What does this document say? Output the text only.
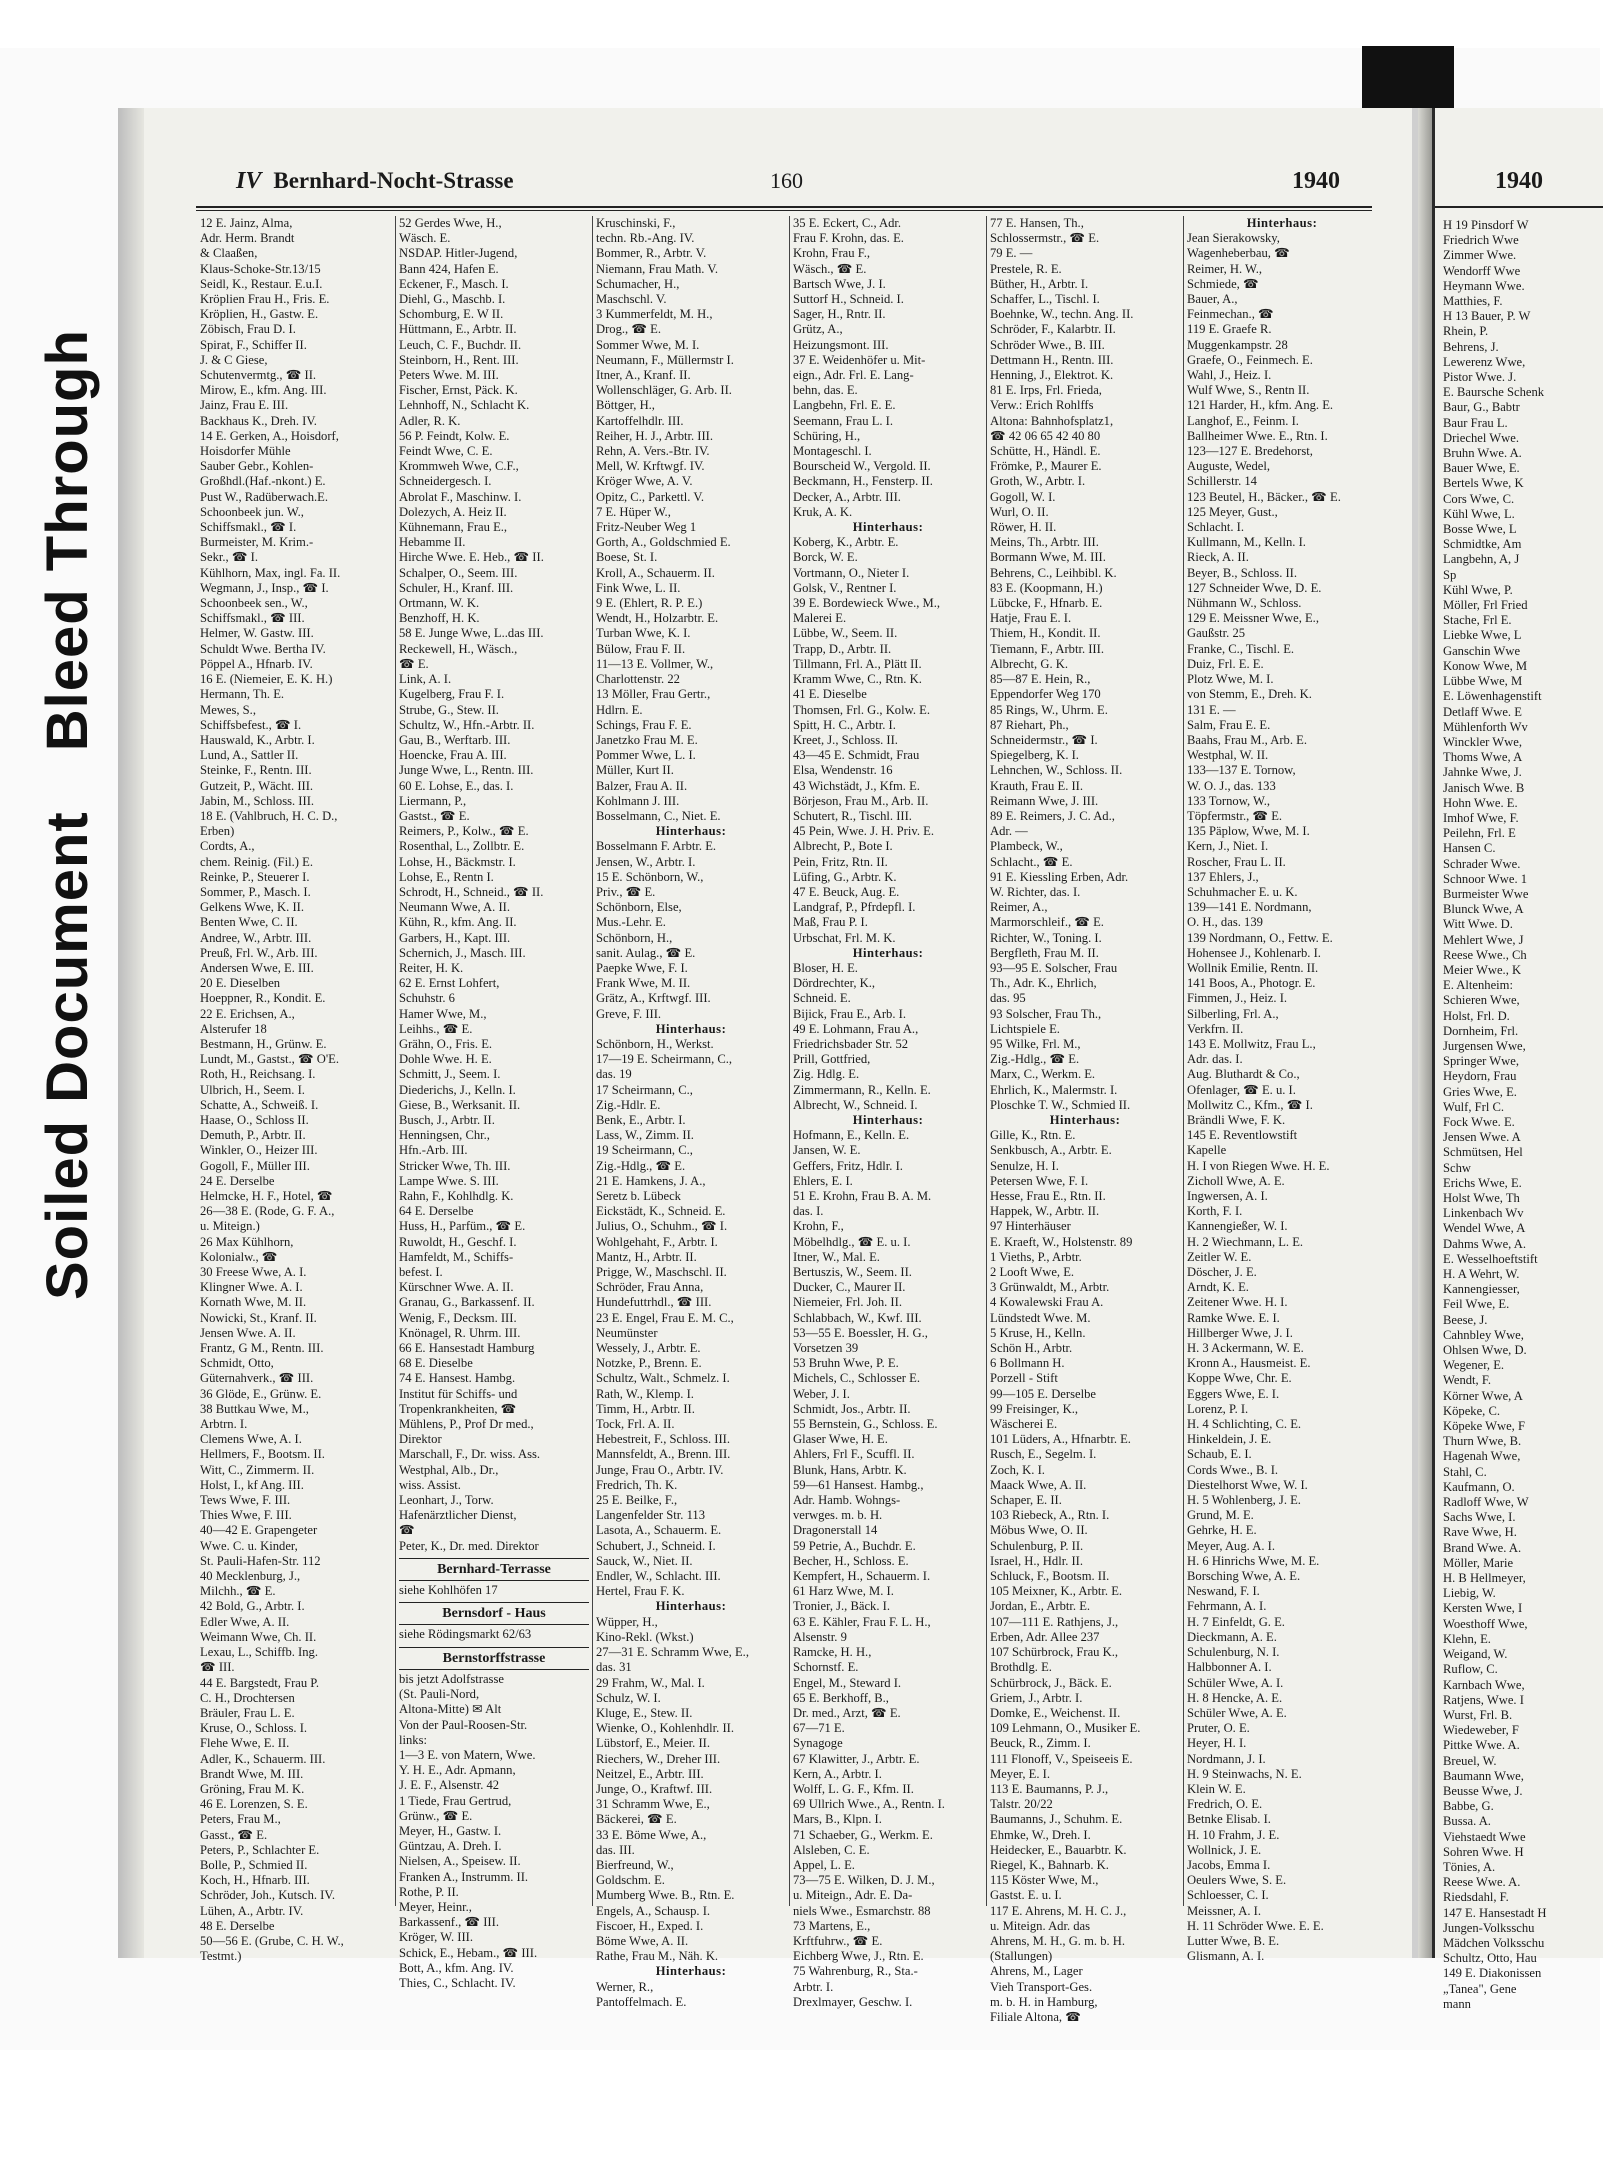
Soiled Document
Bleed Through
1940
H 19 Pinsdorf W
Friedrich Wwe
Zimmer Wwe.
Wendorff Wwe
Heymann Wwe.
Matthies, F.
H 13 Bauer, P. W
Rhein, P.
Behrens, J.
Lewerenz Wwe,
Pistor Wwe. J.
E. Baursche Schenk
Baur, G., Babtr
Baur Frau L.
Driechel Wwe.
Bruhn Wwe. A.
Bauer Wwe, E.
Bertels Wwe, K
Cors Wwe, C.
Kühl Wwe, L.
Bosse Wwe, L
Schmidtke, Am
Langbehn, A, J
Sp
Kühl Wwe, P.
Möller, Frl Fried
Stache, Frl E.
Liebke Wwe, L
Ganschin Wwe
Konow Wwe, M
Lübbe Wwe, M
E. Löwenhagenstift
Detlaff Wwe. E
Mühlenforth Wv
Winckler Wwe,
Thoms Wwe, A
Jahnke Wwe, J.
Janisch Wwe. B
Hohn Wwe. E.
Imhof Wwe, F.
Peilehn, Frl. E
Hansen C.
Schrader Wwe.
Schnoor Wwe. 1
Burmeister Wwe
Blunck Wwe, A
Witt Wwe. D.
Mehlert Wwe, J
Reese Wwe., Ch
Meier Wwe., K
E. Altenheim:
Schieren Wwe,
Holst, Frl. D.
Dornheim, Frl.
Jurgensen Wwe,
Springer Wwe,
Heydorn, Frau
Gries Wwe, E.
Wulf, Frl C.
Fock Wwe. E.
Jensen Wwe. A
Schmütsen, Hel
Schw
Erichs Wwe, E.
Holst Wwe, Th
Linkenbach Wv
Wendel Wwe, A
Dahms Wwe, A.
E. Wesselhoeftstift
H. A Wehrt, W.
Kannengiesser,
Feil Wwe, E.
Beese, J.
Cahnbley Wwe,
Ohlsen Wwe, D.
Wegener, E.
Wendt, F.
Körner Wwe, A
Köpeke, C.
Köpeke Wwe, F
Thurn Wwe, B.
Hagenah Wwe,
Stahl, C.
Kaufmann, O.
Radloff Wwe, W
Sachs Wwe, I.
Rave Wwe, H.
Brand Wwe. A.
Möller, Marie
H. B Hellmeyer,
Liebig, W.
Kersten Wwe, I
Woesthoff Wwe,
Klehn, E.
Weigand, W.
Ruflow, C.
Karnbach Wwe,
Ratjens, Wwe. I
Wurst, Frl. B.
Wiedeweber, F
Pittke Wwe. A.
Breuel, W.
Baumann Wwe,
Beusse Wwe, J.
Babbe, G.
Bussa. A.
Viehstaedt Wwe
Sohren Wwe. H
Tönies, A.
Reese Wwe. A.
Riedsdahl, F.
147 E. Hansestadt H
Jungen-Volksschu
Mädchen Volksschu
Schultz, Otto, Hau
149 E. Diakonissen
„Tanea", Gene
mann
IV Bernhard-Nocht-Strasse	160	1940
12 E. Jainz, Alma,
Adr. Herm. Brandt
& Claaßen,
Klaus-Schoke-Str.13/15
Seidl, K., Restaur. E.u.I.
Kröplien Frau H., Fris. E.
Kröplien, H., Gastw. E.
Zöbisch, Frau D. I.
Spirat, F., Schiffer II.
J. & C Giese,
Schutenvermtg., ☎ II.
Mirow, E., kfm. Ang. III.
Jainz, Frau E. III.
Backhaus K., Dreh. IV.
14 E. Gerken, A., Hoisdorf,
Hoisdorfer Mühle
Sauber Gebr., Kohlen-
Großhdl.(Haf.-nkont.) E.
Pust W., Radüberwach.E.
Schoonbeek jun. W.,
Schiffsmakl., ☎ I.
Burmeister, M. Krim.-
Sekr., ☎ I.
Kühlhorn, Max, ingl. Fa. II.
Wegmann, J., Insp., ☎ I.
Schoonbeek sen., W.,
Schiffsmakl., ☎ III.
Helmer, W. Gastw. III.
Schuldt Wwe. Bertha IV.
Pöppel A., Hfnarb. IV.
16 E. (Niemeier, E. K. H.)
Hermann, Th. E.
Mewes, S.,
Schiffsbefest., ☎ I.
Hauswald, K., Arbtr. I.
Lund, A., Sattler II.
Steinke, F., Rentn. III.
Gutzeit, P., Wächt. III.
Jabin, M., Schloss. III.
18 E. (Vahlbruch, H. C. D.,
Erben)
Cordts, A.,
chem. Reinig. (Fil.) E.
Reinke, P., Steuerer I.
Sommer, P., Masch. I.
Gelkens Wwe, K. II.
Benten Wwe, C. II.
Andree, W., Arbtr. III.
Preuß, Frl. W., Arb. III.
Andersen Wwe, E. III.
20 E. Dieselben
Hoeppner, R., Kondit. E.
22 E. Erichsen, A.,
Alsterufer 18
Bestmann, H., Grünw. E.
Lundt, M., Gastst., ☎ O'E.
Roth, H., Reichsang. I.
Ulbrich, H., Seem. I.
Schatte, A., Schweiß. I.
Haase, O., Schloss II.
Demuth, P., Arbtr. II.
Winkler, O., Heizer III.
Gogoll, F., Müller III.
24 E. Derselbe
Helmcke, H. F., Hotel, ☎
26—38 E. (Rode, G. F. A.,
u. Miteign.)
26 Max Kühlhorn,
Kolonialw., ☎
30 Freese Wwe, A. I.
Klingner Wwe. A. I.
Kornath Wwe, M. II.
Nowicki, St., Kranf. II.
Jensen Wwe. A. II.
Frantz, G M., Rentn. III.
Schmidt, Otto,
Güternahverk., ☎ III.
36 Glöde, E., Grünw. E.
38 Buttkau Wwe, M.,
Arbtrn. I.
Clemens Wwe, A. I.
Hellmers, F., Bootsm. II.
Witt, C., Zimmerm. II.
Holst, I., kf Ang. III.
Tews Wwe, F. III.
Thies Wwe, F. III.
40—42 E. Grapengeter
Wwe. C. u. Kinder,
St. Pauli-Hafen-Str. 112
40 Mecklenburg, J.,
Milchh., ☎ E.
42 Bold, G., Arbtr. I.
Edler Wwe, A. II.
Weimann Wwe, Ch. II.
Lexau, L., Schiffb. Ing.
☎ III.
44 E. Bargstedt, Frau P.
C. H., Drochtersen
Bräuler, Frau L. E.
Kruse, O., Schloss. I.
Flehe Wwe, E. II.
Adler, K., Schauerm. III.
Brandt Wwe, M. III.
Gröning, Frau M. K.
46 E. Lorenzen, S. E.
Peters, Frau M.,
Gasst., ☎ E.
Peters, P., Schlachter E.
Bolle, P., Schmied II.
Koch, H., Hfnarb. III.
Schröder, Joh., Kutsch. IV.
Lühen, A., Arbtr. IV.
48 E. Derselbe
50—56 E. (Grube, C. H. W.,
Testmt.)
52 Gerdes Wwe, H.,
Wäsch. E.
NSDAP. Hitler-Jugend,
Bann 424, Hafen E.
Eckener, F., Masch. I.
Diehl, G., Maschb. I.
Schomburg, E. W II.
Hüttmann, E., Arbtr. II.
Leuch, C. F., Buchdr. II.
Steinborn, H., Rent. III.
Peters Wwe. M. III.
Fischer, Ernst, Päck. K.
Lehnhoff, N., Schlacht K.
Adler, R. K.
56 P. Feindt, Kolw. E.
Feindt Wwe, C. E.
Krommweh Wwe, C.F.,
Schneidergesch. I.
Abrolat F., Maschinw. I.
Dolezych, A. Heiz II.
Kühnemann, Frau E.,
Hebamme II.
Hirche Wwe. E. Heb., ☎ II.
Schalper, O., Seem. III.
Schuler, H., Kranf. III.
Ortmann, W. K.
Benzhoff, H. K.
58 E. Junge Wwe, L..das III.
Reckewell, H., Wäsch.,
☎ E.
Link, A. I.
Kugelberg, Frau F. I.
Strube, G., Stew. II.
Schultz, W., Hfn.-Arbtr. II.
Gau, B., Werftarb. III.
Hoencke, Frau A. III.
Junge Wwe, L., Rentn. III.
60 E. Lohse, E., das. I.
Liermann, P.,
Gastst., ☎ E.
Reimers, P., Kolw., ☎ E.
Rosenthal, L., Zollbtr. E.
Lohse, H., Bäckmstr. I.
Lohse, E., Rentn I.
Schrodt, H., Schneid., ☎ II.
Neumann Wwe, A. II.
Kühn, R., kfm. Ang. II.
Garbers, H., Kapt. III.
Schernich, J., Masch. III.
Reiter, H. K.
62 E. Ernst Lohfert,
Schuhstr. 6
Hamer Wwe, M.,
Leihhs., ☎ E.
Grähn, O., Fris. E.
Dohle Wwe. H. E.
Schmitt, J., Seem. I.
Diederichs, J., Kelln. I.
Giese, B., Werksanit. II.
Busch, J., Arbtr. II.
Henningsen, Chr.,
Hfn.-Arb. III.
Stricker Wwe, Th. III.
Lampe Wwe. S. III.
Rahn, F., Kohlhdlg. K.
64 E. Derselbe
Huss, H., Parfüm., ☎ E.
Ruwoldt, H., Geschf. I.
Hamfeldt, M., Schiffs-
befest. I.
Kürschner Wwe. A. II.
Granau, G., Barkassenf. II.
Wenig, F., Decksm. III.
Knönagel, R. Uhrm. III.
66 E. Hansestadt Hamburg
68 E. Dieselbe
74 E. Hansest. Hambg.
Institut für Schiffs- und
Tropenkrankheiten, ☎
Mühlens, P., Prof Dr med.,
Direktor
Marschall, F., Dr. wiss. Ass.
Westphal, Alb., Dr.,
wiss. Assist.
Leonhart, J., Torw.
Hafenärztlicher Dienst,
☎
Peter, K., Dr. med. Direktor
Bernhard-Terrasse
siehe Kohlhöfen 17
Bernsdorf - Haus
siehe Rödingsmarkt 62/63
Bernstorffstrasse
bis jetzt Adolfstrasse
(St. Pauli-Nord,
Altona-Mitte) ✉ Alt
Von der Paul-Roosen-Str.
links:
1—3 E. von Matern, Wwe.
Y. H. E., Adr. Apmann,
J. E. F., Alsenstr. 42
1 Tiede, Frau Gertrud,
Grünw., ☎ E.
Meyer, H., Gastw. I.
Güntzau, A. Dreh. I.
Nielsen, A., Speisew. II.
Franken A., Instrumm. II.
Rothe, P. II.
Meyer, Heinr.,
Barkassenf., ☎ III.
Kröger, W. III.
Schick, E., Hebam., ☎ III.
Bott, A., kfm. Ang. IV.
Thies, C., Schlacht. IV.
Kruschinski, F.,
techn. Rb.-Ang. IV.
Bommer, R., Arbtr. V.
Niemann, Frau Math. V.
Schumacher, H.,
Maschschl. V.
3 Kummerfeldt, M. H.,
Drog., ☎ E.
Sommer Wwe, M. I.
Neumann, F., Müllermstr I.
Itner, A., Kranf. II.
Wollenschläger, G. Arb. II.
Böttger, H.,
Kartoffelhdlr. III.
Reiher, H. J., Arbtr. III.
Rehn, A. Vers.-Btr. IV.
Mell, W. Krftwgf. IV.
Kröger Wwe, A. V.
Opitz, C., Parkettl. V.
7 E. Hüper W.,
Fritz-Neuber Weg 1
Gorth, A., Goldschmied E.
Boese, St. I.
Kroll, A., Schauerm. II.
Fink Wwe, L. II.
9 E. (Ehlert, R. P. E.)
Wendt, H., Holzarbtr. E.
Turban Wwe, K. I.
Bülow, Frau F. II.
11—13 E. Vollmer, W.,
Charlottenstr. 22
13 Möller, Frau Gertr.,
Hdlrn. E.
Schings, Frau F. E.
Janetzko Frau M. E.
Pommer Wwe, L. I.
Müller, Kurt II.
Balzer, Frau A. II.
Kohlmann J. III.
Bosselmann, C., Niet. E.
Hinterhaus:
Bosselmann F. Arbtr. E.
Jensen, W., Arbtr. I.
15 E. Schönborn, W.,
Priv., ☎ E.
Schönborn, Else,
Mus.-Lehr. E.
Schönborn, H.,
sanit. Aulag., ☎ E.
Paepke Wwe, F. I.
Frank Wwe, M. II.
Grätz, A., Krftwgf. III.
Greve, F. III.
Hinterhaus:
Schönborn, H., Werkst.
17—19 E. Scheirmann, C.,
das. 19
17 Scheirmann, C.,
Zig.-Hdlr. E.
Benk, E., Arbtr. I.
Lass, W., Zimm. II.
19 Scheirmann, C.,
Zig.-Hdlg., ☎ E.
21 E. Hamkens, J. A.,
Seretz b. Lübeck
Eickstädt, K., Schneid. E.
Julius, O., Schuhm., ☎ I.
Wohlgehaht, F., Arbtr. I.
Mantz, H., Arbtr. II.
Prigge, W., Maschschl. II.
Schröder, Frau Anna,
Hundefuttrhdl., ☎ III.
23 E. Engel, Frau E. M. C.,
Neumünster
Wessely, J., Arbtr. E.
Notzke, P., Brenn. E.
Schultz, Walt., Schmelz. I.
Rath, W., Klemp. I.
Timm, H., Arbtr. II.
Tock, Frl. A. II.
Hebestreit, F., Schloss. III.
Mannsfeldt, A., Brenn. III.
Junge, Frau O., Arbtr. IV.
Fredrich, Th. K.
25 E. Beilke, F.,
Langenfelder Str. 113
Lasota, A., Schauerm. E.
Schubert, J., Schneid. I.
Sauck, W., Niet. II.
Endler, W., Schlacht. III.
Hertel, Frau F. K.
Hinterhaus:
Wüpper, H.,
Kino-Rekl. (Wkst.)
27—31 E. Schramm Wwe, E.,
das. 31
29 Frahm, W., Mal. I.
Schulz, W. I.
Kluge, E., Stew. II.
Wienke, O., Kohlenhdlr. II.
Lübstorf, E., Meier. II.
Riechers, W., Dreher III.
Neitzel, E., Arbtr. III.
Junge, O., Kraftwf. III.
31 Schramm Wwe, E.,
Bäckerei, ☎ E.
33 E. Böme Wwe, A.,
das. III.
Bierfreund, W.,
Goldschm. E.
Mumberg Wwe. B., Rtn. E.
Engels, A., Schausp. I.
Fiscoer, H., Exped. I.
Böme Wwe, A. II.
Rathe, Frau M., Näh. K.
Hinterhaus:
Werner, R.,
Pantoffelmach. E.
35 E. Eckert, C., Adr.
Frau F. Krohn, das. E.
Krohn, Frau F.,
Wäsch., ☎ E.
Bartsch Wwe, J. I.
Suttorf H., Schneid. I.
Sager, H., Rntr. II.
Grütz, A.,
Heizungsmont. III.
37 E. Weidenhöfer u. Mit-
eign., Adr. Frl. E. Lang-
behn, das. E.
Langbehn, Frl. E. E.
Seemann, Frau L. I.
Schüring, H.,
Montageschl. I.
Bourscheid W., Vergold. II.
Beckmann, H., Fensterp. II.
Decker, A., Arbtr. III.
Kruk, A. K.
Hinterhaus:
Koberg, K., Arbtr. E.
Borck, W. E.
Vortmann, O., Nieter I.
Golsk, V., Rentner I.
39 E. Bordewieck Wwe., M.,
Malerei E.
Lübbe, W., Seem. II.
Trapp, D., Arbtr. II.
Tillmann, Frl. A., Plätt II.
Kramm Wwe, C., Rtn. K.
41 E. Dieselbe
Thomsen, Frl. G., Kolw. E.
Spitt, H. C., Arbtr. I.
Kreet, J., Schloss. II.
43—45 E. Schmidt, Frau
Elsa, Wendenstr. 16
43 Wichstädt, J., Kfm. E.
Börjeson, Frau M., Arb. II.
Schutert, R., Tischl. III.
45 Pein, Wwe. J. H. Priv. E.
Albrecht, P., Bote I.
Pein, Fritz, Rtn. II.
Lüfing, G., Arbtr. K.
47 E. Beuck, Aug. E.
Landgraf, P., Pfrdepfl. I.
Maß, Frau P. I.
Urbschat, Frl. M. K.
Hinterhaus:
Bloser, H. E.
Dördrechter, K.,
Schneid. E.
Bijick, Frau E., Arb. I.
49 E. Lohmann, Frau A.,
Friedrichsbader Str. 52
Prill, Gottfried,
Zig. Hdlg. E.
Zimmermann, R., Kelln. E.
Albrecht, W., Schneid. I.
Hinterhaus:
Hofmann, E., Kelln. E.
Jansen, W. E.
Geffers, Fritz, Hdlr. I.
Ehlers, E. I.
51 E. Krohn, Frau B. A. M.
das. I.
Krohn, F.,
Möbelhdlg., ☎ E. u. I.
Itner, W., Mal. E.
Bertuszis, W., Seem. II.
Ducker, C., Maurer II.
Niemeier, Frl. Joh. II.
Schlabbach, W., Kwf. III.
53—55 E. Boessler, H. G.,
Vorsetzen 39
53 Bruhn Wwe, P. E.
Michels, C., Schlosser E.
Weber, J. I.
Schmidt, Jos., Arbtr. II.
55 Bernstein, G., Schloss. E.
Glaser Wwe, H. E.
Ahlers, Frl F., Scuffl. II.
Blunk, Hans, Arbtr. K.
59—61 Hansest. Hambg.,
Adr. Hamb. Wohngs-
verwges. m. b. H.
Dragonerstall 14
59 Petrie, A., Buchdr. E.
Becher, H., Schloss. E.
Kempfert, H., Schauerm. I.
61 Harz Wwe, M. I.
Tronier, J., Bäck. I.
63 E. Kähler, Frau F. L. H.,
Alsenstr. 9
Ramcke, H. H.,
Schornstf. E.
Engel, M., Steward I.
65 E. Berkhoff, B.,
Dr. med., Arzt, ☎ E.
67—71 E.
Synagoge
67 Klawitter, J., Arbtr. E.
Kern, A., Arbtr. I.
Wolff, L. G. F., Kfm. II.
69 Ullrich Wwe., A., Rentn. I.
Mars, B., Klpn. I.
71 Schaeber, G., Werkm. E.
Alsleben, C. E.
Appel, L. E.
73—75 E. Wilken, D. J. M.,
u. Miteign., Adr. E. Da-
niels Wwe., Esmarchstr. 88
73 Martens, E.,
Krftfuhrw., ☎ E.
Eichberg Wwe, J., Rtn. E.
75 Wahrenburg, R., Sta.-
Arbtr. I.
Drexlmayer, Geschw. I.
77 E. Hansen, Th.,
Schlossermstr., ☎ E.
79 E. —
Prestele, R. E.
Büther, H., Arbtr. I.
Schaffer, L., Tischl. I.
Boehnke, W., techn. Ang. II.
Schröder, F., Kalarbtr. II.
Schröder Wwe., B. III.
Dettmann H., Rentn. III.
Henning, J., Elektrot. K.
81 E. Irps, Frl. Frieda,
Verw.: Erich Rohlffs
Altona: Bahnhofsplatz1,
☎ 42 06 65 42 40 80
Schütte, H., Händl. E.
Frömke, P., Maurer E.
Groth, W., Arbtr. I.
Gogoll, W. I.
Wurl, O. II.
Röwer, H. II.
Meins, Th., Arbtr. III.
Bormann Wwe, M. III.
Behrens, C., Leihbibl. K.
83 E. (Koopmann, H.)
Lübcke, F., Hfnarb. E.
Hatje, Frau E. I.
Thiem, H., Kondit. II.
Tiemann, F., Arbtr. III.
Albrecht, G. K.
85—87 E. Hein, R.,
Eppendorfer Weg 170
85 Rings, W., Uhrm. E.
87 Riehart, Ph.,
Schneidermstr., ☎ I.
Spiegelberg, K. I.
Lehnchen, W., Schloss. II.
Krauth, Frau E. II.
Reimann Wwe, J. III.
89 E. Reimers, J. C. Ad.,
Adr. —
Plambeck, W.,
Schlacht., ☎ E.
91 E. Kiessling Erben, Adr.
W. Richter, das. I.
Reimer, A.,
Marmorschleif., ☎ E.
Richter, W., Toning. I.
Bergfleth, Frau M. II.
93—95 E. Solscher, Frau
Th., Adr. K., Ehrlich,
das. 95
93 Solscher, Frau Th.,
Lichtspiele E.
95 Wilke, Frl. M.,
Zig.-Hdlg., ☎ E.
Marx, C., Werkm. E.
Ehrlich, K., Malermstr. I.
Ploschke T. W., Schmied II.
Hinterhaus:
Gille, K., Rtn. E.
Senkbusch, A., Arbtr. E.
Senulze, H. I.
Petersen Wwe, F. I.
Hesse, Frau E., Rtn. II.
Happek, W., Arbtr. II.
97 Hinterhäuser
E. Kraeft, W., Holstenstr. 89
1 Vieths, P., Arbtr.
2 Looft Wwe, E.
3 Grünwaldt, M., Arbtr.
4 Kowalewski Frau A.
Lündstedt Wwe. M.
5 Kruse, H., Kelln.
Schön H., Arbtr.
6 Bollmann H.
Porzell - Stift
99—105 E. Derselbe
99 Freisinger, K.,
Wäscherei E.
101 Lüders, A., Hfnarbtr. E.
Rusch, E., Segelm. I.
Zoch, K. I.
Maack Wwe, A. II.
Schaper, E. II.
103 Riebeck, A., Rtn. I.
Möbus Wwe, O. II.
Schulenburg, P. II.
Israel, H., Hdlr. II.
Schluck, F., Bootsm. II.
105 Meixner, K., Arbtr. E.
Jordan, E., Arbtr. E.
107—111 E. Rathjens, J.,
Erben, Adr. Allee 237
107 Schürbrock, Frau K.,
Brothdlg. E.
Schürbrock, J., Bäck. E.
Griem, J., Arbtr. I.
Domke, E., Weichenst. II.
109 Lehmann, O., Musiker E.
Beuck, R., Zimm. I.
111 Flonoff, V., Speiseeis E.
Meyer, E. I.
113 E. Baumanns, P. J.,
Talstr. 20/22
Baumanns, J., Schuhm. E.
Ehmke, W., Dreh. I.
Heidecker, E., Bauarbtr. K.
Riegel, K., Bahnarb. K.
115 Köster Wwe, M.,
Gastst. E. u. I.
117 E. Ahrens, M. H. C. J.,
u. Miteign. Adr. das
Ahrens, M. H., G. m. b. H.
(Stallungen)
Ahrens, M., Lager
Vieh Transport-Ges.
m. b. H. in Hamburg,
Filiale Altona, ☎
Hinterhaus:
Jean Sierakowsky,
Wagenheberbau, ☎
Reimer, H. W.,
Schmiede, ☎
Bauer, A.,
Feinmechan., ☎
119 E. Graefe R.
Muggenkampstr. 28
Graefe, O., Feinmech. E.
Wahl, J., Heiz. I.
Wulf Wwe, S., Rentn II.
121 Harder, H., kfm. Ang. E.
Langhof, E., Feinm. I.
Ballheimer Wwe. E., Rtn. I.
123—127 E. Bredehorst,
Auguste, Wedel,
Schillerstr. 14
123 Beutel, H., Bäcker., ☎ E.
125 Meyer, Gust.,
Schlacht. I.
Kullmann, M., Kelln. I.
Rieck, A. II.
Beyer, B., Schloss. II.
127 Schneider Wwe, D. E.
Nühmann W., Schloss.
129 E. Meissner Wwe, E.,
Gaußstr. 25
Franke, C., Tischl. E.
Duiz, Frl. E. E.
Plotz Wwe, M. I.
von Stemm, E., Dreh. K.
131 E. —
Salm, Frau E. E.
Baahs, Frau M., Arb. E.
Westphal, W. II.
133—137 E. Tornow,
W. O. J., das. 133
133 Tornow, W.,
Töpfermstr., ☎ E.
135 Päplow, Wwe, M. I.
Kern, J., Niet. I.
Roscher, Frau L. II.
137 Ehlers, J.,
Schuhmacher E. u. K.
139—141 E. Nordmann,
O. H., das. 139
139 Nordmann, O., Fettw. E.
Hohensee J., Kohlenarb. I.
Wollnik Emilie, Rentn. II.
141 Boos, A., Photogr. E.
Fimmen, J., Heiz. I.
Silberling, Frl. A.,
Verkfrn. II.
143 E. Mollwitz, Frau L.,
Adr. das. I.
Aug. Bluthardt & Co.,
Ofenlager, ☎ E. u. I.
Mollwitz C., Kfm., ☎ I.
Brändli Wwe, F. K.
145 E. Reventlowstift
Kapelle
H. I von Riegen Wwe. H. E.
Zicholl Wwe, A. E.
Ingwersen, A. I.
Korth, F. I.
Kannengießer, W. I.
H. 2 Wiechmann, L. E.
Zeitler W. E.
Döscher, J. E.
Arndt, K. E.
Zeitener Wwe. H. I.
Ramke Wwe. E. I.
Hillberger Wwe, J. I.
H. 3 Ackermann, W. E.
Kronn A., Hausmeist. E.
Koppe Wwe, Chr. E.
Eggers Wwe, E. I.
Lorenz, P. I.
H. 4 Schlichting, C. E.
Hinkeldein, J. E.
Schaub, E. I.
Cords Wwe., B. I.
Diestelhorst Wwe, W. I.
H. 5 Wohlenberg, J. E.
Grund, M. E.
Gehrke, H. E.
Meyer, Aug. A. I.
H. 6 Hinrichs Wwe, M. E.
Borsching Wwe, A. E.
Neswand, F. I.
Fehrmann, A. I.
H. 7 Einfeldt, G. E.
Dieckmann, A. E.
Schulenburg, N. I.
Halbbonner A. I.
Schüler Wwe, A. I.
H. 8 Hencke, A. E.
Schüler Wwe, A. E.
Pruter, O. E.
Heyer, H. I.
Nordmann, J. I.
H. 9 Steinwachs, N. E.
Klein W. E.
Fredrich, O. E.
Betnke Elisab. I.
H. 10 Frahm, J. E.
Wollnick, J. E.
Jacobs, Emma I.
Oeulers Wwe, S. E.
Schloesser, C. I.
Meissner, A. I.
H. 11 Schröder Wwe. E. E.
Lutter Wwe, B. E.
Glismann, A. I.
